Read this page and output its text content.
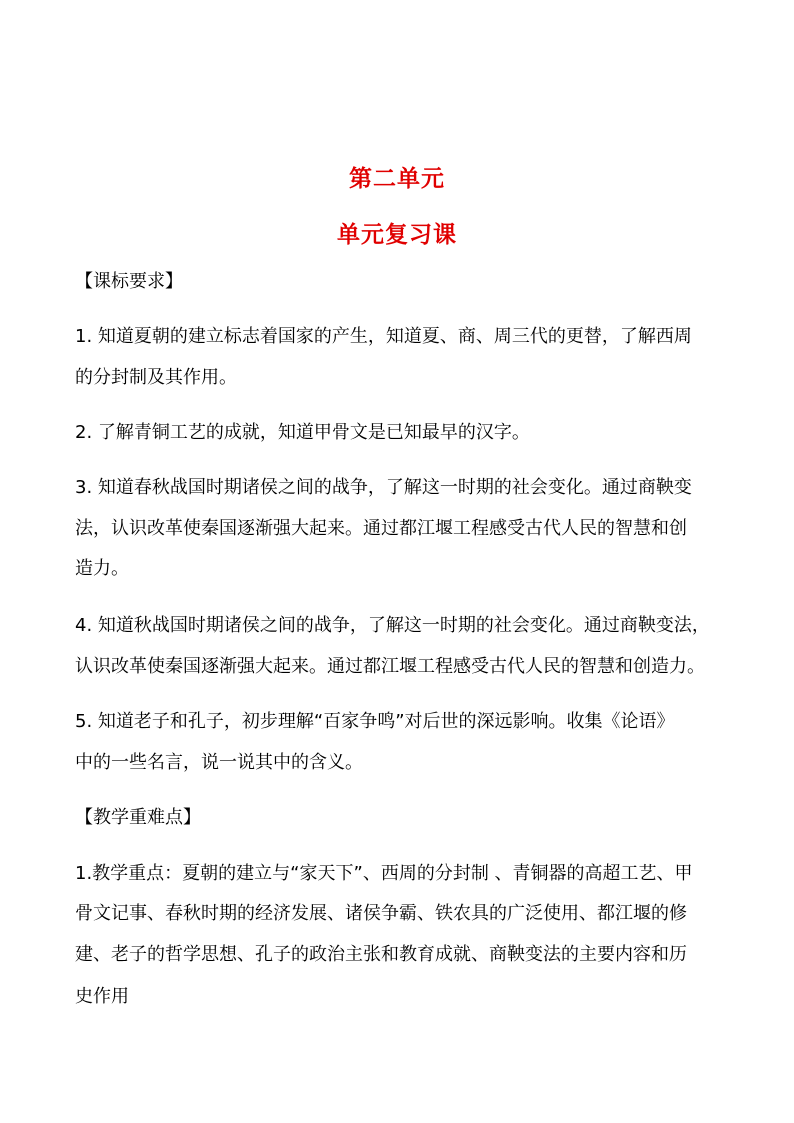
第二单元
单元复习课
【课标要求】
1. 知道夏朝的建立标志着国家的产生，知道夏、商、周三代的更替，了解西周
的分封制及其作用。
2. 了解青铜工艺的成就，知道甲骨文是已知最早的汉字。
3. 知道春秋战国时期诸侯之间的战争，了解这一时期的社会变化。通过商鞅变
法，认识改革使秦国逐渐强大起来。通过都江堰工程感受古代人民的智慧和创
造力。
4. 知道秋战国时期诸侯之间的战争，了解这一时期的社会变化。通过商鞅变法，
认识改革使秦国逐渐强大起来。通过都江堰工程感受古代人民的智慧和创造力。
5. 知道老子和孔子，初步理解“百家争鸣”对后世的深远影响。收集《论语》
中的一些名言，说一说其中的含义。
【教学重难点】
1.教学重点：夏朝的建立与“家天下”、西周的分封制 、青铜器的高超工艺、甲
骨文记事、春秋时期的经济发展、诸侯争霸、铁农具的广泛使用、都江堰的修
建、老子的哲学思想、孔子的政治主张和教育成就、商鞅变法的主要内容和历
史作用
